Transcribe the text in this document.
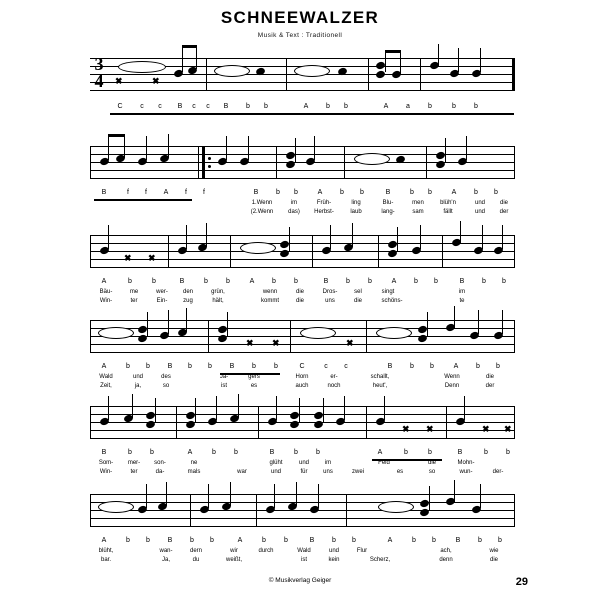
SCHNEEWALZER
Musik & Text : Traditionell
3
4	✖	✖
C	c	c	B	c	c	B	b	b	A	b	b	A	a	b	b	b
B	f	f	A	f	f	B	b	b	A	b	b	B	b	b	A	b	b
1.Wenn	im	Früh-	ling	Blu-	men	blüh'n	und	die
(2.Wenn	das)	Herbst-	laub	lang-	sam	fällt	und	der
✖ ✖
A	b	b	B	b	b	A	b	b	B	b	b	A	b	b	B	b	b
Bäu-	me	wer-	den	grün,	wenn	die	Dros-	sel	singt	im
Win-	ter	Ein-	zug	hält,	kommt	die	uns	die	schöns-	te
✖ ✖	✖
A	b	b	B	b	b	B	b	b	C	c	c	B	b	b	A	b	b
Wald	und	des	Jä-	gers	Horn	er-	schallt,	Wenn	die
Zeit,	ja,	so	ist	es	auch	noch	heut',	Denn	der
✖ ✖	✖ ✖
B	b	b	A	b	b	B	b	b	A	b	b	B	b	b
Som-	mer-	son-	ne	glüht	und	im	Feld	die	Mohn-
Win-	ter	da-	mals	war	und	für	uns	zwei	es	so	wun-	der-
A	b	b	B	b	b	A	b	b	B	b	b	A	b	b	B	b	b
blüht,	wan-	dern	wir	durch	Wald	und	Flur	ach,	wie
bar.	Ja,	du	weißt,	ist	kein	Scherz,	denn	die
© Musikverlag Geiger	29
